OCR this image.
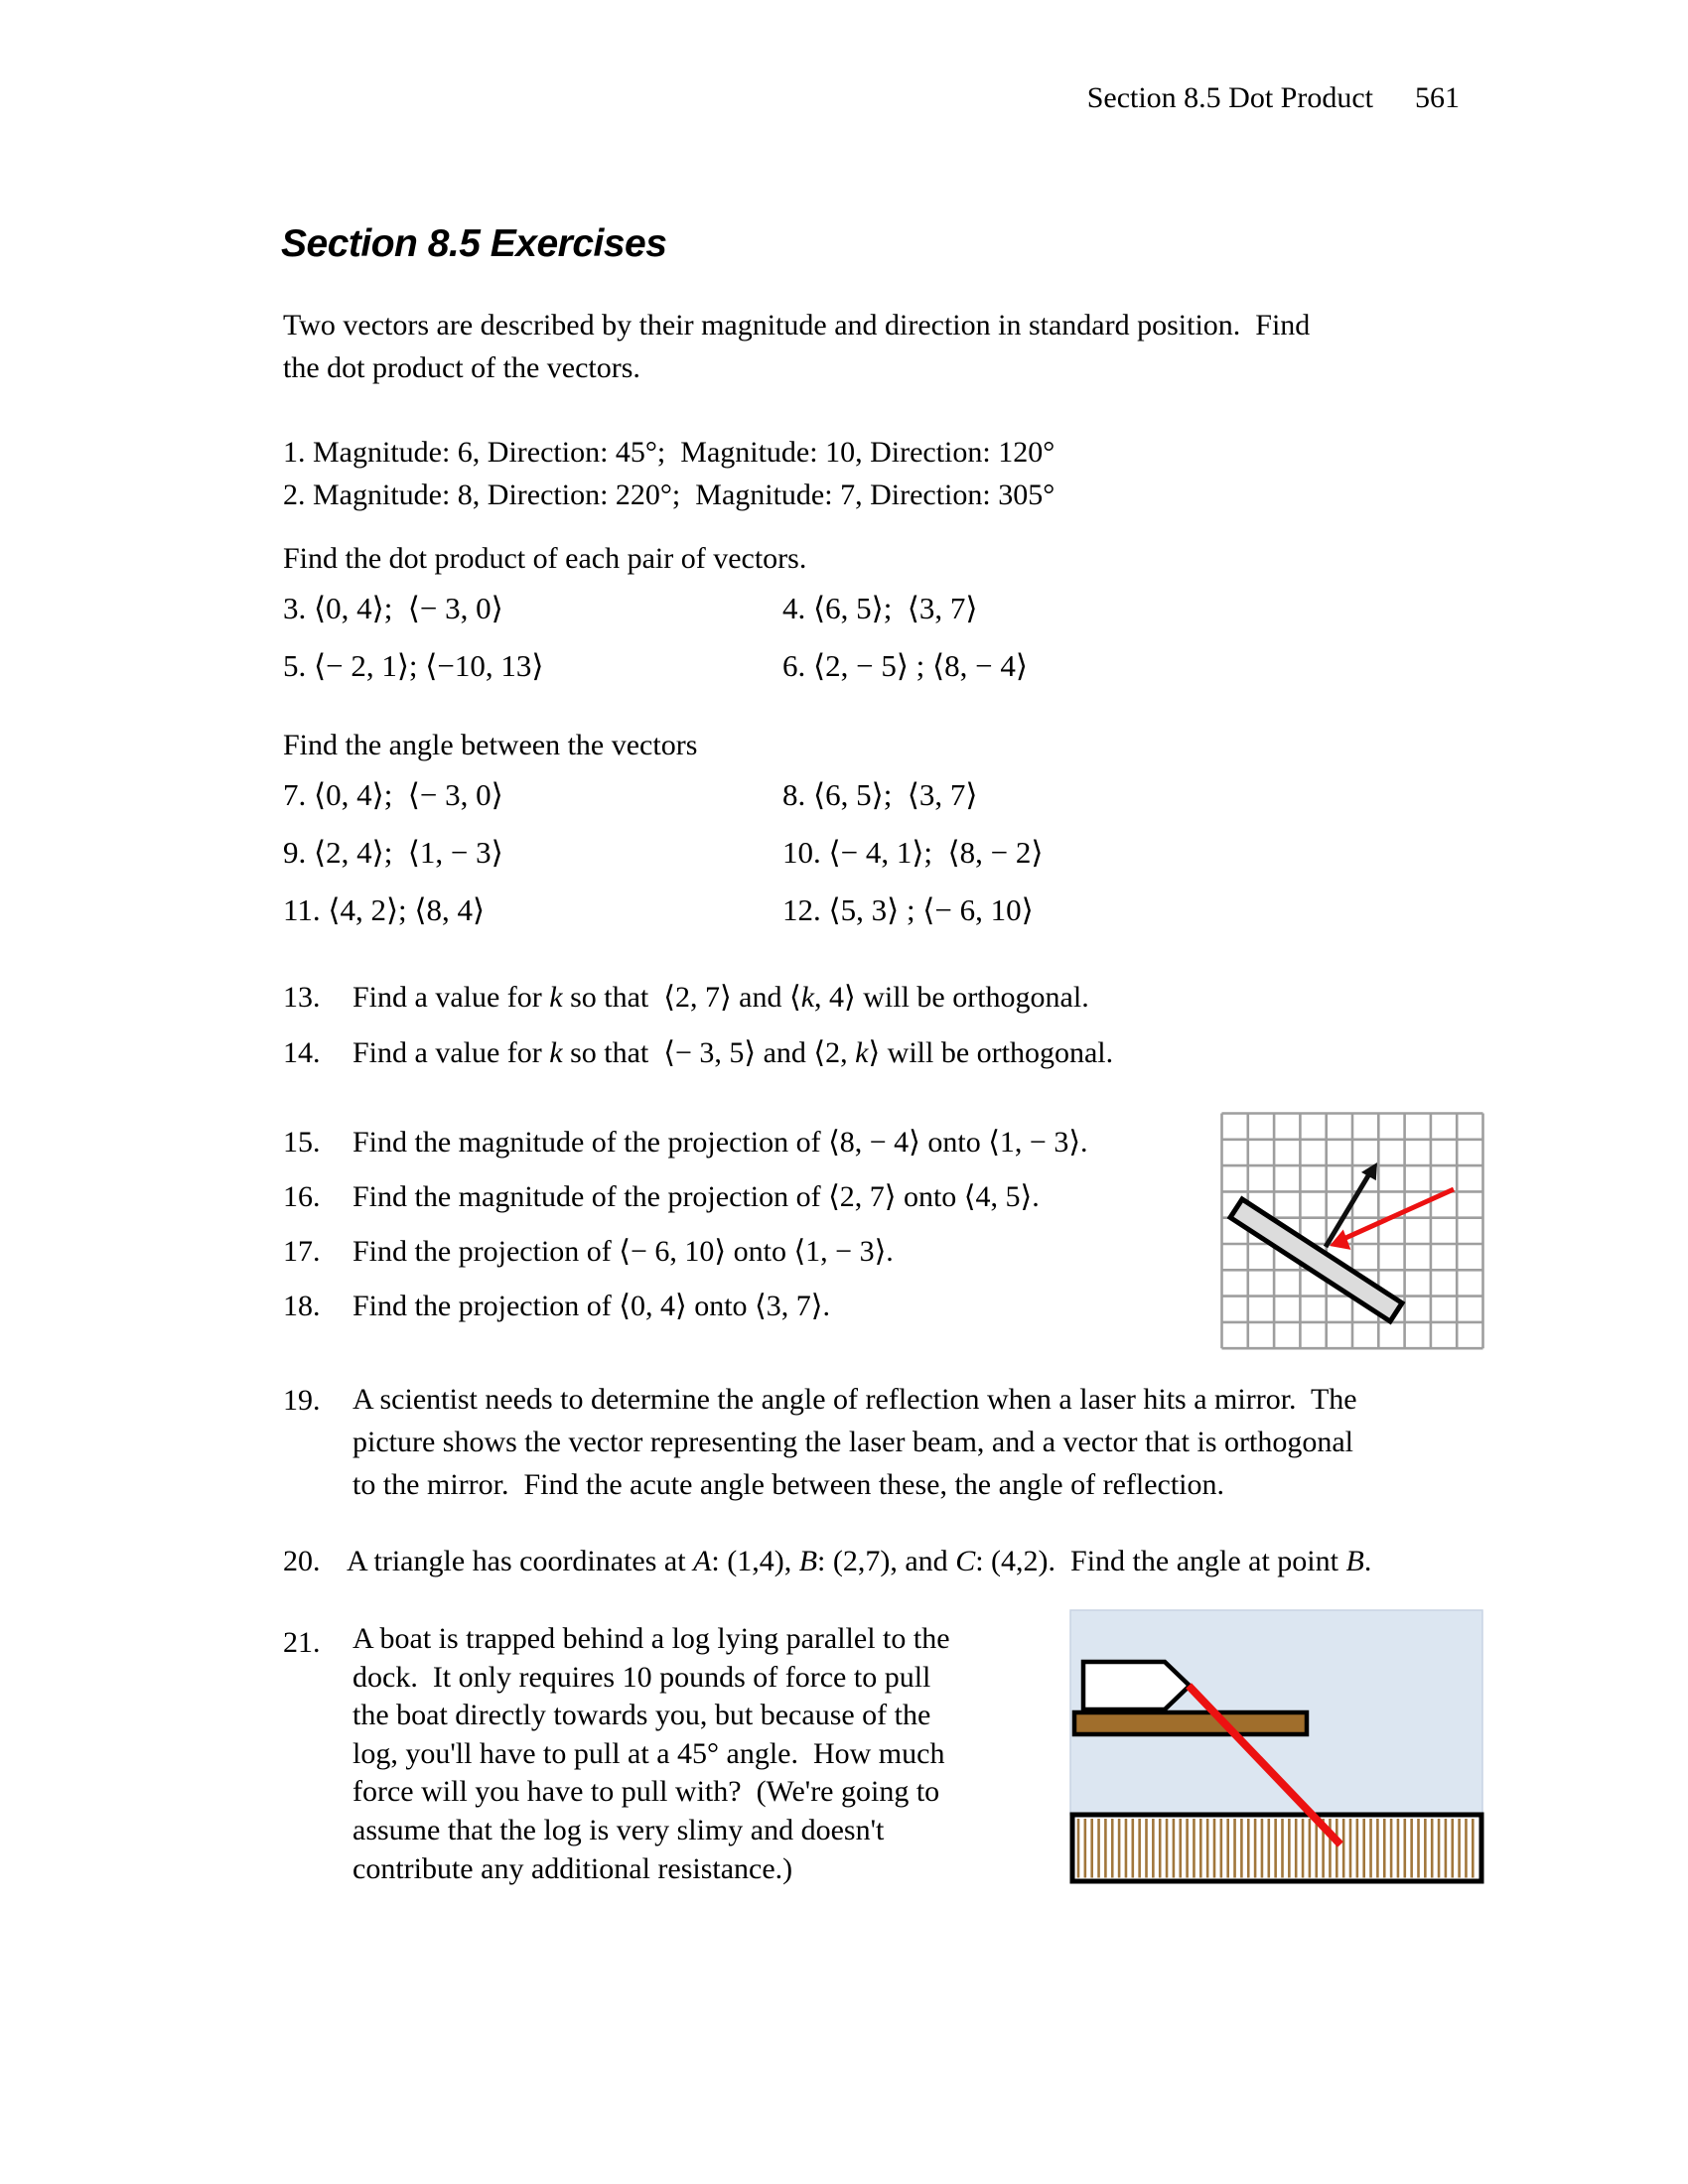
Section 8.5 Dot Product 561
Section 8.5 Exercises
Two vectors are described by their magnitude and direction in standard position.  Find
the dot product of the vectors.
1. Magnitude: 6, Direction: 45°;  Magnitude: 10, Direction: 120°
2. Magnitude: 8, Direction: 220°;  Magnitude: 7, Direction: 305°
Find the dot product of each pair of vectors.
3. ⟨0, 4⟩;  ⟨− 3, 0⟩	4. ⟨6, 5⟩;  ⟨3, 7⟩
5. ⟨− 2, 1⟩; ⟨−10, 13⟩	6. ⟨2, − 5⟩ ; ⟨8, − 4⟩
Find the angle between the vectors
7. ⟨0, 4⟩;  ⟨− 3, 0⟩	8. ⟨6, 5⟩;  ⟨3, 7⟩
9. ⟨2, 4⟩;  ⟨1, − 3⟩	10. ⟨− 4, 1⟩;  ⟨8, − 2⟩
11. ⟨4, 2⟩; ⟨8, 4⟩	12. ⟨5, 3⟩ ; ⟨− 6, 10⟩
13.	Find a value for k so that  ⟨2, 7⟩ and ⟨k, 4⟩ will be orthogonal.
14.	Find a value for k so that  ⟨− 3, 5⟩ and ⟨2, k⟩ will be orthogonal.
15.	Find the magnitude of the projection of ⟨8, − 4⟩ onto ⟨1, − 3⟩.
16.	Find the magnitude of the projection of ⟨2, 7⟩ onto ⟨4, 5⟩.
17.	Find the projection of ⟨− 6, 10⟩ onto ⟨1, − 3⟩.
18.	Find the projection of ⟨0, 4⟩ onto ⟨3, 7⟩.
19.	A scientist needs to determine the angle of reflection when a laser hits a mirror.  The
picture shows the vector representing the laser beam, and a vector that is orthogonal
to the mirror.  Find the acute angle between these, the angle of reflection.
20. A triangle has coordinates at A: (1,4), B: (2,7), and C: (4,2).  Find the angle at point B.
21.	A boat is trapped behind a log lying parallel to the
dock.  It only requires 10 pounds of force to pull
the boat directly towards you, but because of the
log, you'll have to pull at a 45° angle.  How much
force will you have to pull with?  (We're going to
assume that the log is very slimy and doesn't
contribute any additional resistance.)
